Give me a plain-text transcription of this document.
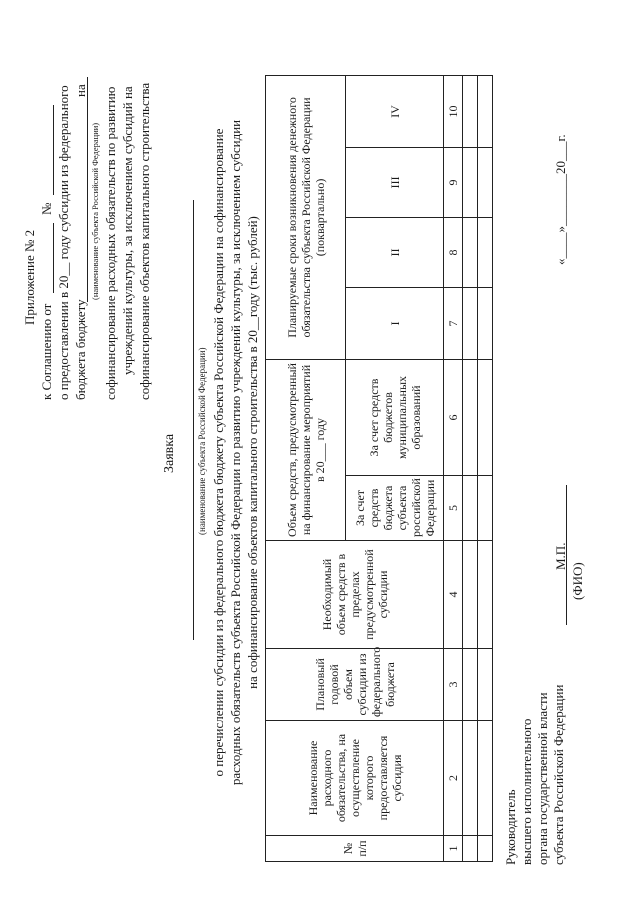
Приложение № 2
к Соглашению от
№ о предоставлении в 20__ году субсидии из федерального бюджета бюджету
на
(наименование субъекта Российской Федерации) софинансирование расходных обязательств по развитию учреждений культуры, за исключением субсидий на софинансирование объектов капитального строительства
Заявка (наименование субъекта Российской Федерации) о перечислении субсидии из федерального бюджета бюджету субъекта Российской Федерации на софинансирование расходных обязательств субъекта Российской Федерации по развитию учреждений культуры, за исключением субсидии на софинансирование объектов капитального строительства в 20__году (тыс. рублей)
№ п/п	Наименование расходного обязательства, на осуществление которого предоставляется субсидия	Плановый годовой объем субсидии из федерального бюджета	Необходимый объем средств в пределах предусмотренной субсидии	Объем средств, предусмотренный на финансирование мероприятий в 20___ году		Планируемые сроки возникновения денежного обязательства субъекта Российской Федерации (поквартально)			
				За счет средств бюджета субъекта российской Федерации	За счет средств бюджетов муниципальных образований	I	II	III	IV
1	2	3	4	5	6	7	8	9	10

Руководитель высшего исполнительного органа государственной власти субъекта Российской Федерации
М.П.
(ФИО)
«____»________20___г.
